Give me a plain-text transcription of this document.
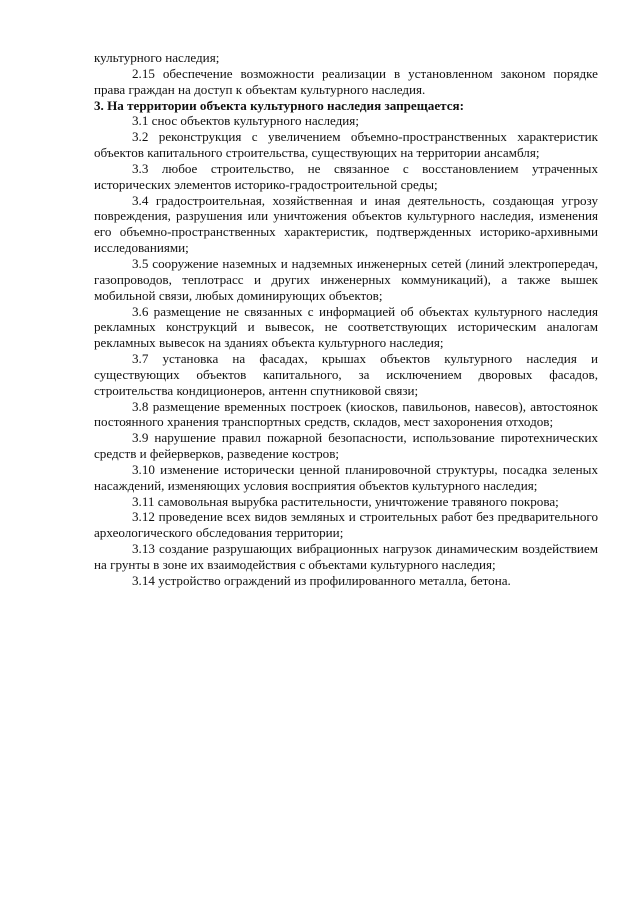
культурного наследия;

2.15 обеспечение возможности реализации в установленном законом порядке права граждан на доступ к объектам культурного наследия.

3. На территории объекта культурного наследия запрещается:

3.1 снос объектов культурного наследия;

3.2 реконструкция с увеличением объемно-пространственных характеристик объектов капитального строительства, существующих на территории ансамбля;

3.3 любое строительство, не связанное с восстановлением утраченных исторических элементов историко-градостроительной среды;

3.4 градостроительная, хозяйственная и иная деятельность, создающая угрозу повреждения, разрушения или уничтожения объектов культурного наследия, изменения его объемно-пространственных характеристик, подтвержденных историко-архивными исследованиями;

3.5 сооружение наземных и надземных инженерных сетей (линий электропередач, газопроводов, теплотрасс и других инженерных коммуникаций), а также вышек мобильной связи, любых доминирующих объектов;

3.6 размещение не связанных с информацией об объектах культурного наследия рекламных конструкций и вывесок, не соответствующих историческим аналогам рекламных вывесок на зданиях объекта культурного наследия;

3.7 установка на фасадах, крышах объектов культурного наследия и существующих объектов капитального, за исключением дворовых фасадов, строительства кондиционеров, антенн спутниковой связи;

3.8 размещение временных построек (киосков, павильонов, навесов), автостоянок постоянного хранения транспортных средств, складов, мест захоронения отходов;

3.9 нарушение правил пожарной безопасности, использование пиротехнических средств и фейерверков, разведение костров;

3.10 изменение исторически ценной планировочной структуры, посадка зеленых насаждений, изменяющих условия восприятия объектов культурного наследия;

3.11 самовольная вырубка растительности, уничтожение травяного покрова;

3.12 проведение всех видов земляных и строительных работ без предварительного археологического обследования территории;

3.13 создание разрушающих вибрационных нагрузок динамическим воздействием на грунты в зоне их взаимодействия с объектами культурного наследия;

3.14 устройство ограждений из профилированного металла, бетона.
